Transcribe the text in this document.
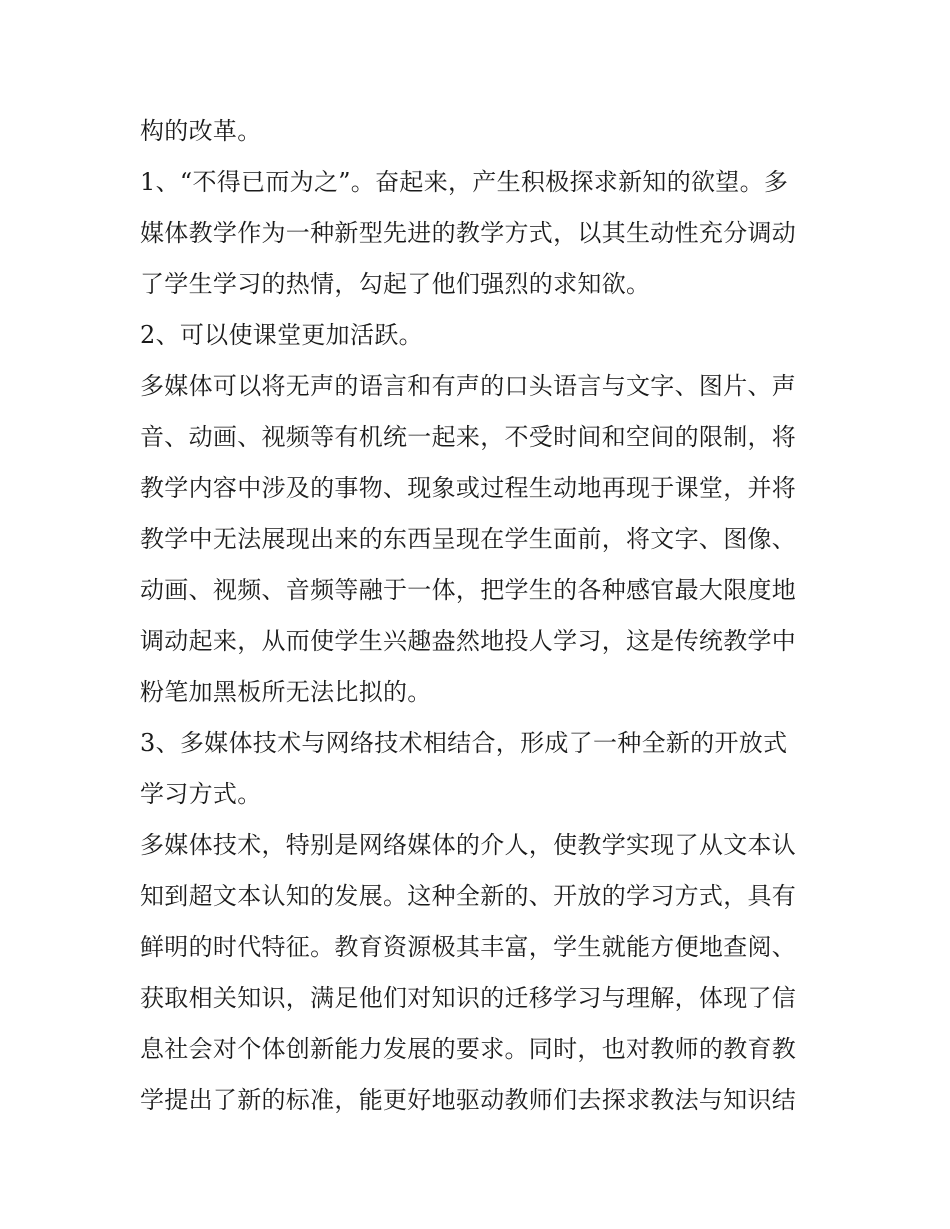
构的改革。
1、“不得已而为之”。奋起来，产生积极探求新知的欲望。多
媒体教学作为一种新型先进的教学方式，以其生动性充分调动
了学生学习的热情，勾起了他们强烈的求知欲。
2、可以使课堂更加活跃。
多媒体可以将无声的语言和有声的口头语言与文字、图片、声
音、动画、视频等有机统一起来，不受时间和空间的限制，将
教学内容中涉及的事物、现象或过程生动地再现于课堂，并将
教学中无法展现出来的东西呈现在学生面前，将文字、图像、
动画、视频、音频等融于一体，把学生的各种感官最大限度地
调动起来，从而使学生兴趣盎然地投人学习，这是传统教学中
粉笔加黑板所无法比拟的。
3、多媒体技术与网络技术相结合，形成了一种全新的开放式
学习方式。
多媒体技术，特别是网络媒体的介人，使教学实现了从文本认
知到超文本认知的发展。这种全新的、开放的学习方式，具有
鲜明的时代特征。教育资源极其丰富，学生就能方便地查阅、
获取相关知识，满足他们对知识的迁移学习与理解，体现了信
息社会对个体创新能力发展的要求。同时，也对教师的教育教
学提出了新的标准，能更好地驱动教师们去探求教法与知识结
